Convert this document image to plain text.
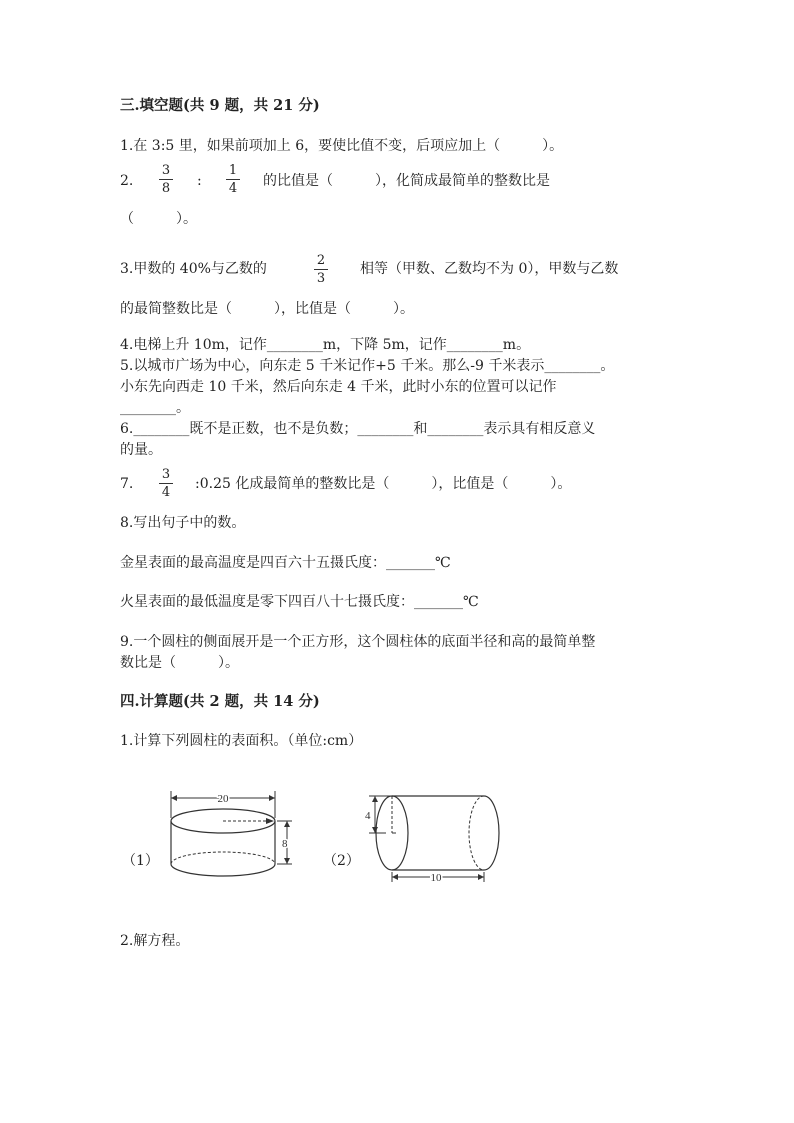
三.填空题(共 9 题，共 21 分)
1.在 3:5 里，如果前项加上 6，要使比值不变，后项应加上（　　　）。
2.
3
8 :
1
4 的比值是（　　　），化简成最简单的整数比是
（　　　）。
3.甲数的 40%与乙数的
2
3
相等（甲数、乙数均不为 0），甲数与乙数
的最简整数比是（　　　），比值是（　　　）。
4.电梯上升 10m，记作________m，下降 5m，记作________m。
5.以城市广场为中心，向东走 5 千米记作+5 千米。那么-9 千米表示________。
小东先向西走 10 千米，然后向东走 4 千米，此时小东的位置可以记作
________。
6.________既不是正数，也不是负数；________和________表示具有相反意义
的量。
7.
3
4
:0.25 化成最简单的整数比是（　　　），比值是（　　　）。
8.写出句子中的数。
金星表面的最高温度是四百六十五摄氏度：_______℃
火星表面的最低温度是零下四百八十七摄氏度：_______℃
9.一个圆柱的侧面展开是一个正方形，这个圆柱体的底面半径和高的最简单整
数比是（　　　）。
四.计算题(共 2 题，共 14 分)
1.计算下列圆柱的表面积。（单位:cm）
（1）
20
8
（2）
4
10
2.解方程。
